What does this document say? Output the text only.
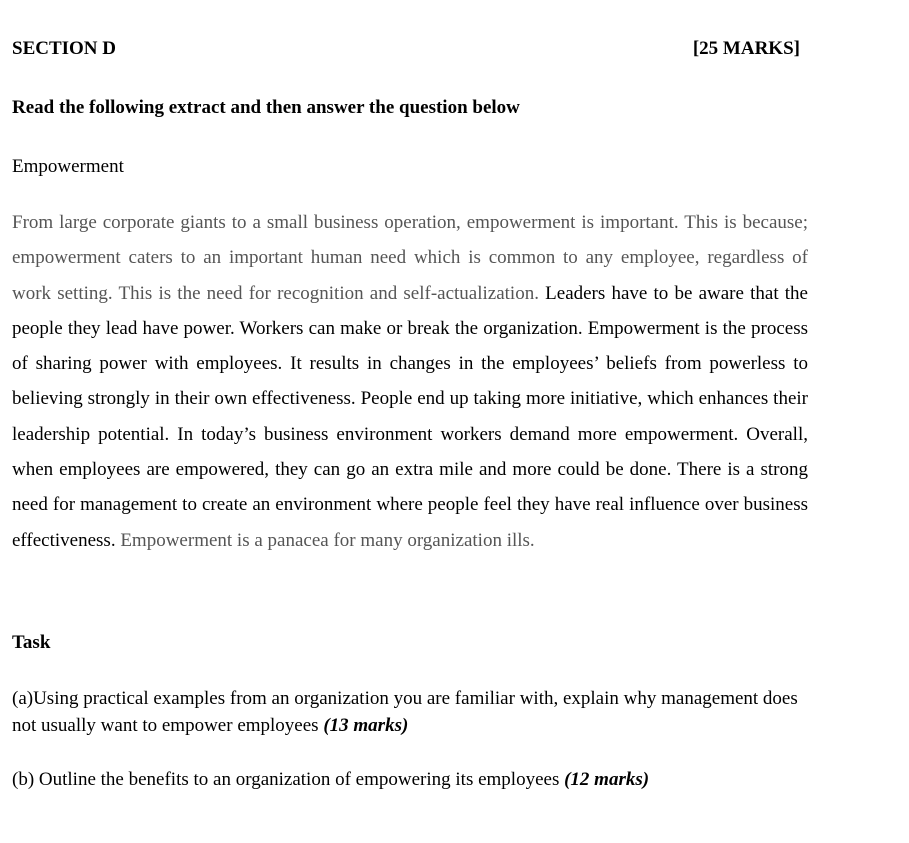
SECTION D	[25 MARKS]
Read the following extract and then answer the question below
Empowerment

From large corporate giants to a small business operation, empowerment is important. This is because; empowerment caters to an important human need which is common to any employee, regardless of work setting. This is the need for recognition and self-actualization. Leaders have to be aware that the people they lead have power. Workers can make or break the organization. Empowerment is the process of sharing power with employees. It results in changes in the employees’ beliefs from powerless to believing strongly in their own effectiveness. People end up taking more initiative, which enhances their leadership potential. In today’s business environment workers demand more empowerment. Overall, when employees are empowered, they can go an extra mile and more could be done. There is a strong need for management to create an environment where people feel they have real influence over business effectiveness. Empowerment is a panacea for many organization ills.

Task

(a)Using practical examples from an organization you are familiar with, explain why management does not usually want to empower employees (13 marks)

(b) Outline the benefits to an organization of empowering its employees (12 marks)
